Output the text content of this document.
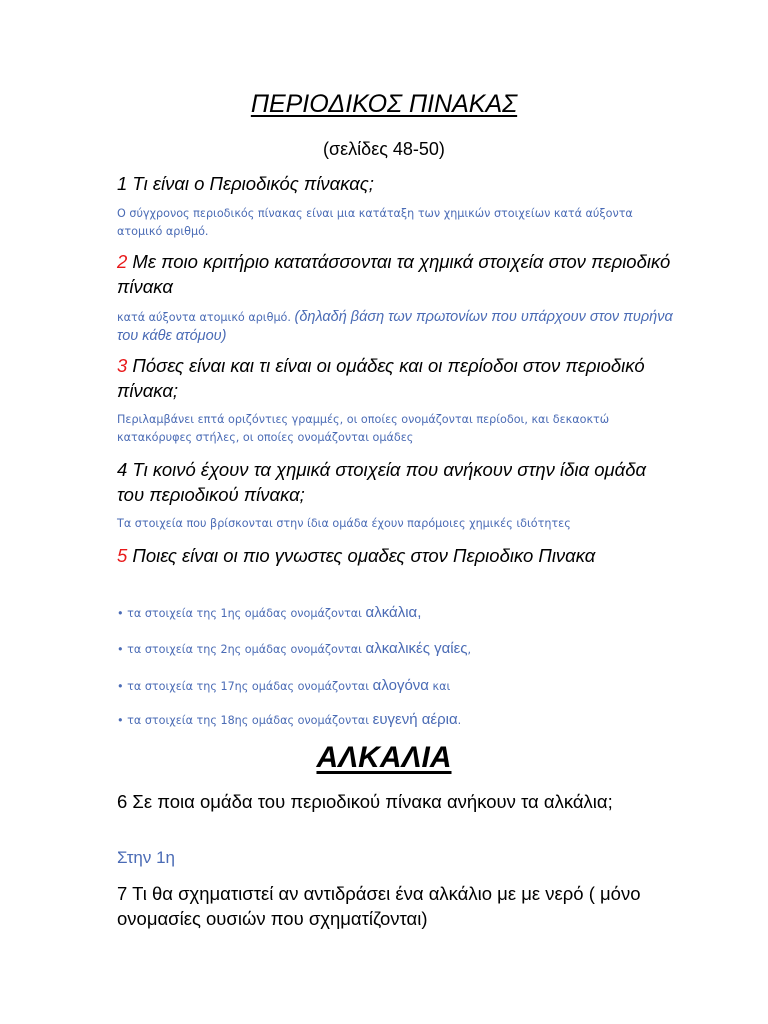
ΠΕΡΙΟΔΙΚΟΣ ΠΙΝΑΚΑΣ
(σελίδες 48-50)
1 Τι είναι ο Περιοδικός πίνακας;
Ο σύγχρονος περιοδικός πίνακας είναι μια κατάταξη των χημικών στοιχείων κατά αύξοντα ατομικό αριθμό.
2 Με ποιο κριτήριο κατατάσσονται τα χημικά στοιχεία στον περιοδικό πίνακα
κατά αύξοντα ατομικό αριθμό. (δηλαδή βάση των πρωτονίων που υπάρχουν στον πυρήνα του κάθε ατόμου)
3 Πόσες είναι και τι είναι οι ομάδες και οι περίοδοι στον περιοδικό πίνακα;
Περιλαμβάνει επτά οριζόντιες γραμμές, οι οποίες ονομάζονται περίοδοι, και δεκαοκτώ κατακόρυφες στήλες, οι οποίες ονομάζονται ομάδες
4 Τι κοινό έχουν τα χημικά στοιχεία που ανήκουν στην ίδια ομάδα του περιοδικού πίνακα;
Τα στοιχεία που βρίσκονται στην ίδια ομάδα έχουν παρόμοιες χημικές ιδιότητες
5 Ποιες είναι οι πιο γνωστες ομαδες στον Περιοδικο Πινακα
• τα στοιχεία της 1ης ομάδας ονομάζονται αλκάλια,
• τα στοιχεία της 2ης ομάδας ονομάζονται αλκαλικές γαίες,
• τα στοιχεία της 17ης ομάδας ονομάζονται αλογόνα και
• τα στοιχεία της 18ης ομάδας ονομάζονται ευγενή αέρια.
ΑΛΚΑΛΙΑ
6 Σε ποια ομάδα του περιοδικού πίνακα ανήκουν τα αλκάλια;
Στην 1η
7 Τι θα σχηματιστεί αν αντιδράσει ένα αλκάλιο με με νερό ( μόνο ονομασίες ουσιών που σχηματίζονται)
